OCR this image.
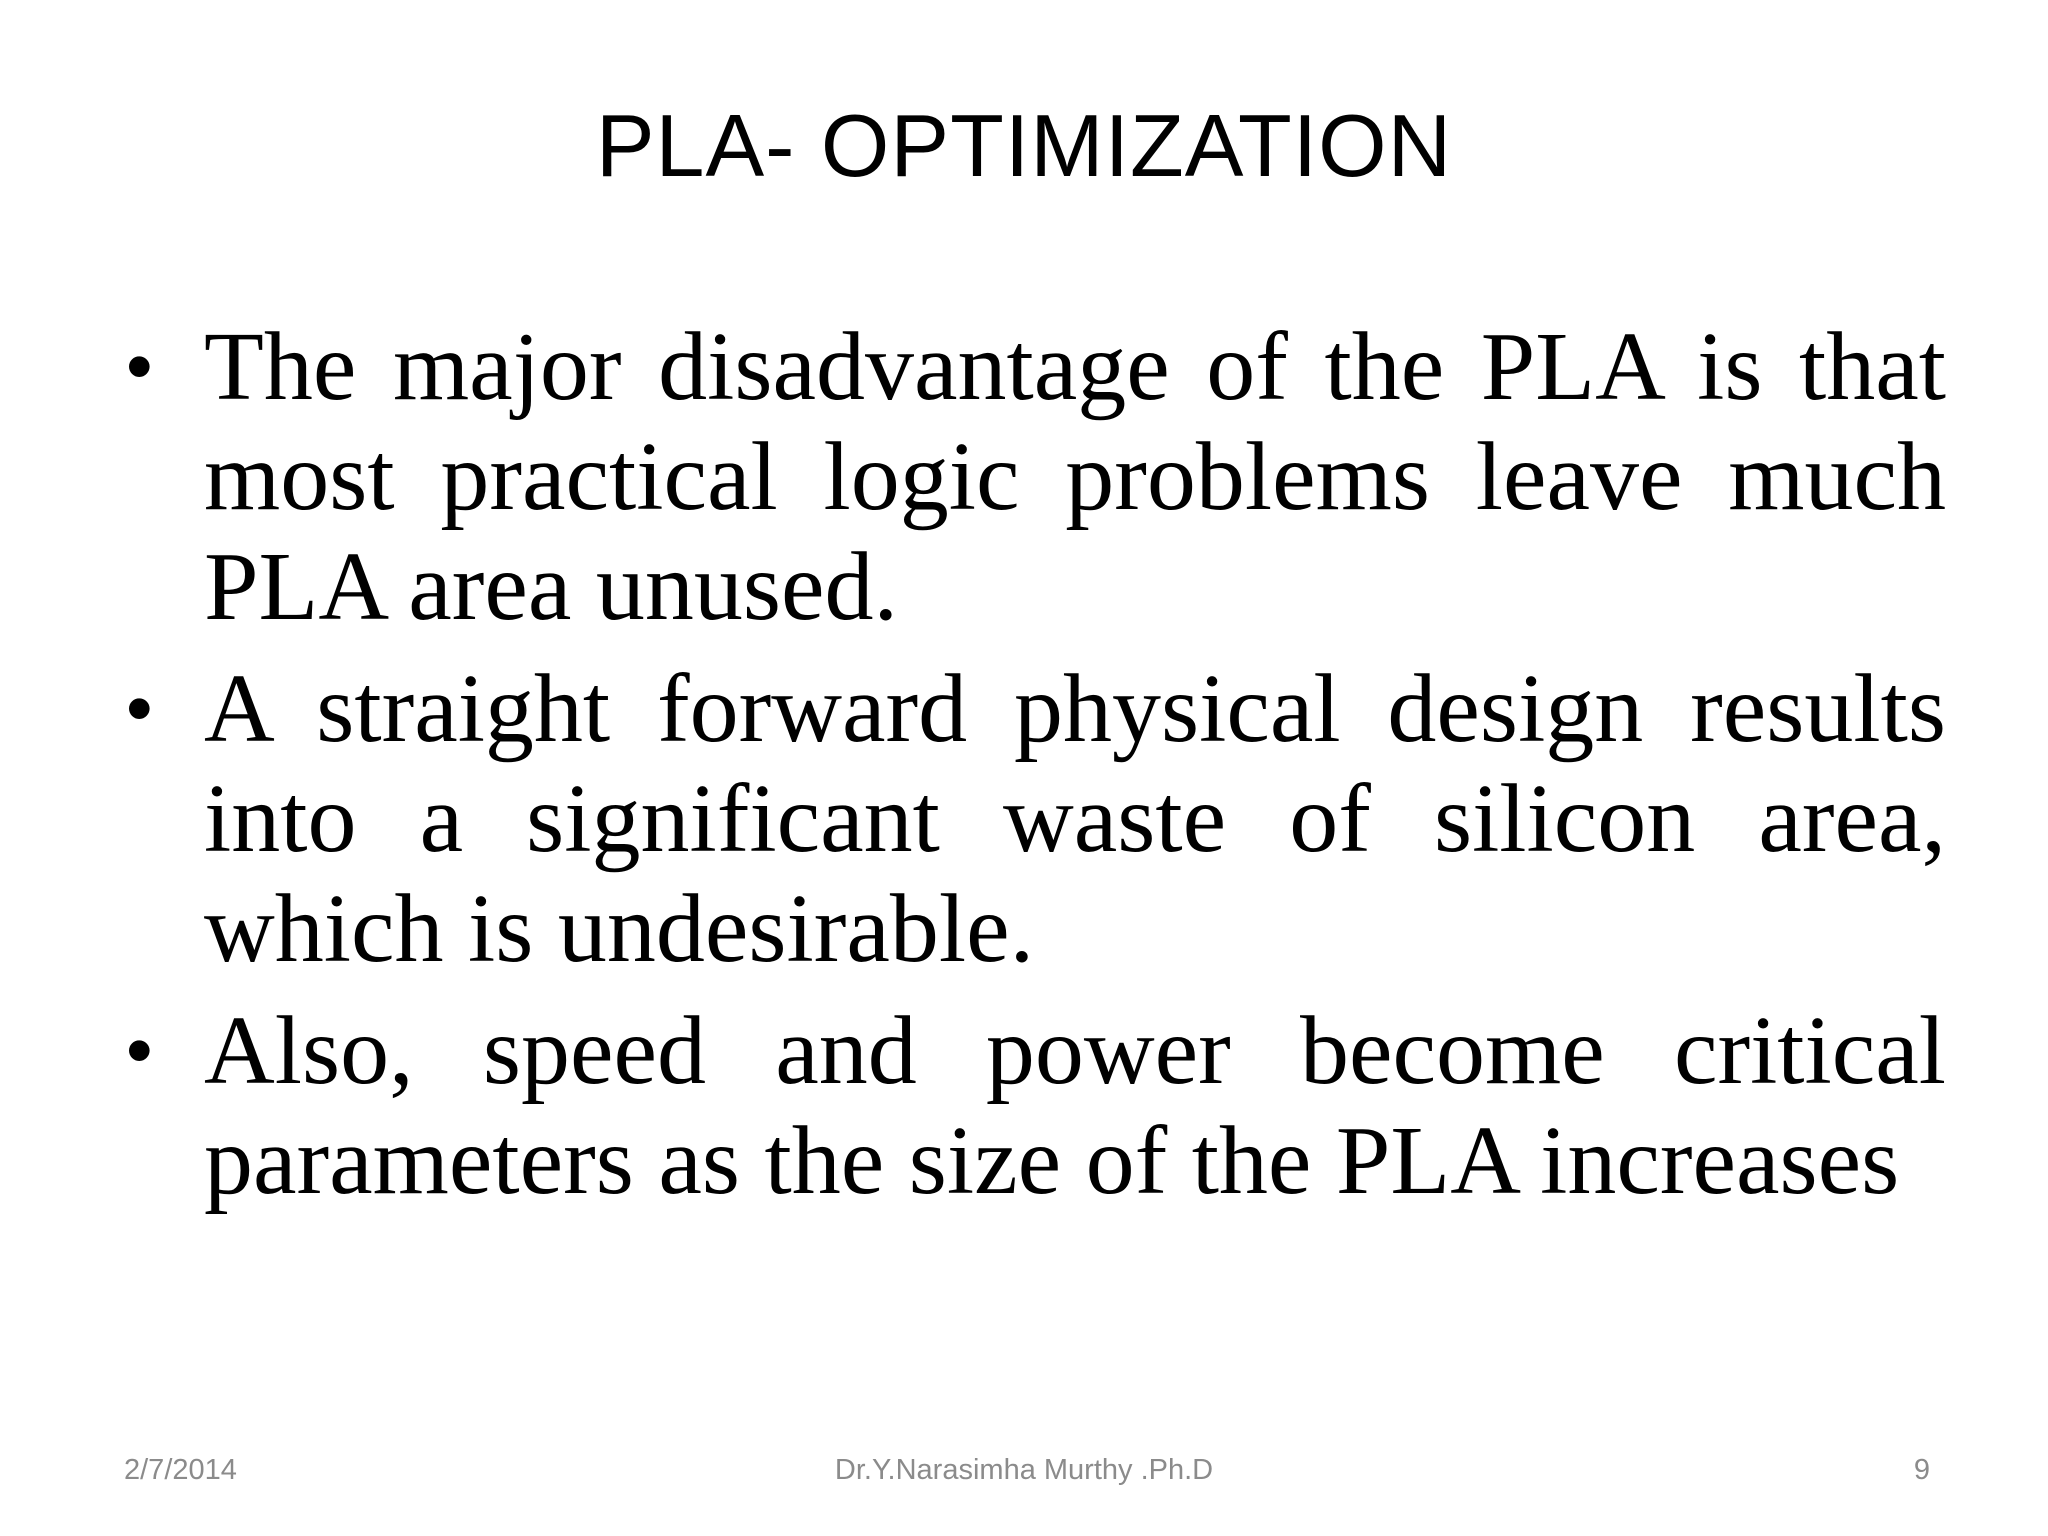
PLA- OPTIMIZATION
• The major disadvantage of the PLA is that most practical logic problems leave much PLA area unused.
• A straight forward physical design results into a significant waste of silicon area, which is undesirable.
• Also, speed and power become critical parameters as the size of the PLA increases
2/7/2014	Dr.Y.Narasimha Murthy .Ph.D	9
